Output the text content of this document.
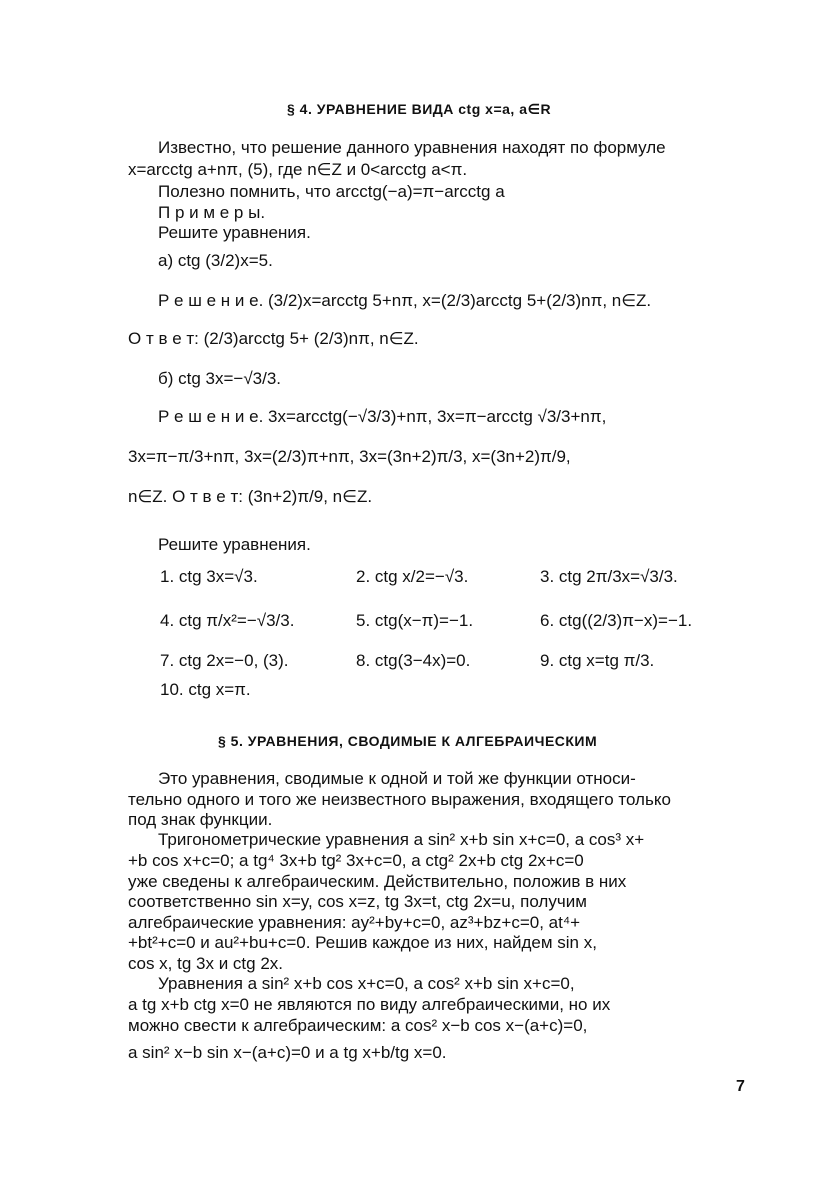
§ 4. УРАВНЕНИЕ ВИДА ctg x=a, a∈R
Известно, что решение данного уравнения находят по формуле
x=arcctg a+nπ, (5), где n∈Z и 0<arcctg a<π.
Полезно помнить, что arcctg(−a)=π−arcctg a
П р и м е р ы.
Решите уравнения.
а) ctg (3/2)x=5.
Р е ш е н и е. (3/2)x=arcctg 5+nπ, x=(2/3)arcctg 5+(2/3)nπ, n∈Z.
О т в е т: (2/3)arcctg 5+ (2/3)nπ, n∈Z.
б) ctg 3x=−√3/3.
Р е ш е н и е. 3x=arcctg(−√3/3)+nπ, 3x=π−arcctg √3/3+nπ,
3x=π−π/3+nπ, 3x=(2/3)π+nπ, 3x=(3n+2)π/3, x=(3n+2)π/9,
n∈Z. О т в е т: (3n+2)π/9, n∈Z.
Решите уравнения.
1. ctg 3x=√3.	2. ctg x/2=−√3.	3. ctg 2π/3x=√3/3.
4. ctg π/x²=−√3/3.	5. ctg(x−π)=−1.	6. ctg((2/3)π−x)=−1.
7. ctg 2x=−0, (3).	8. ctg(3−4x)=0.	9. ctg x=tg π/3.
10. ctg x=π.
§ 5. УРАВНЕНИЯ, СВОДИМЫЕ К АЛГЕБРАИЧЕСКИМ
Это уравнения, сводимые к одной и той же функции относи-
тельно одного и того же неизвестного выражения, входящего только
под знак функции.
Тригонометрические уравнения a sin² x+b sin x+c=0, a cos³ x+
+b cos x+c=0; a tg⁴ 3x+b tg² 3x+c=0, a ctg² 2x+b ctg 2x+c=0
уже сведены к алгебраическим. Действительно, положив в них
соответственно sin x=y, cos x=z, tg 3x=t, ctg 2x=u, получим
алгебраические уравнения: ay²+by+c=0, az³+bz+c=0, at⁴+
+bt²+c=0 и au²+bu+c=0. Решив каждое из них, найдем sin x,
cos x, tg 3x и ctg 2x.
Уравнения a sin² x+b cos x+c=0, a cos² x+b sin x+c=0,
a tg x+b ctg x=0 не являются по виду алгебраическими, но их
можно свести к алгебраическим: a cos² x−b cos x−(a+c)=0,
a sin² x−b sin x−(a+c)=0 и a tg x+b/tg x=0.
7
